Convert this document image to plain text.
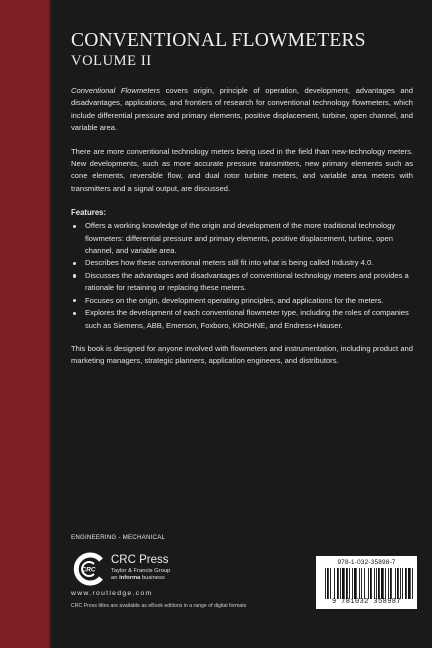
CONVENTIONAL FLOWMETERS
VOLUME II

Conventional Flowmeters covers origin, principle of operation, development, advantages and disadvantages, applications, and frontiers of research for conventional technology flowmeters, which include differential pressure and primary elements, positive displacement, turbine, open channel, and variable area.

There are more conventional technology meters being used in the field than new-technology meters. New developments, such as more accurate pressure transmitters, new primary elements such as cone elements, reversible flow, and dual rotor turbine meters, and variable area meters with transmitters and a signal output, are discussed.

Features:
Offers a working knowledge of the origin and development of the more traditional technology flowmeters: differential pressure and primary elements, positive displacement, turbine, open channel, and variable area.
Describes how these conventional meters still fit into what is being called Industry 4.0.
Discusses the advantages and disadvantages of conventional technology meters and provides a rationale for retaining or replacing these meters.
Focuses on the origin, development operating principles, and applications for the meters.
Explores the development of each conventional flowmeter type, including the roles of companies such as Siemens, ABB, Emerson, Foxboro, KROHNE, and Endress+Hauser.

This book is designed for anyone involved with flowmeters and instrumentation, including product and marketing managers, strategic planners, application engineers, and distributors.

ENGINEERING - MECHANICAL
CRC
CRC Press
Taylor & Francis Group
an informa business
www.routledge.com
CRC Press titles are available as eBook editions in a range of digital formats
978-1-032-35898-7
9 781032 358987
